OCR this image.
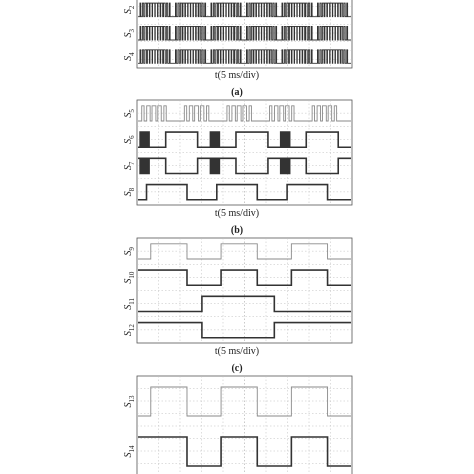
$S_2$
$S_3$
$S_4$
t(5 ms/div)
(a)
$S_5$
$S_6$
$S_7$
$S_8$
t(5 ms/div)
(b)
$S_9$
$S_{10}$
$S_{11}$
$S_{12}$
t(5 ms/div)
(c)
$S_{13}$
$S_{14}$
